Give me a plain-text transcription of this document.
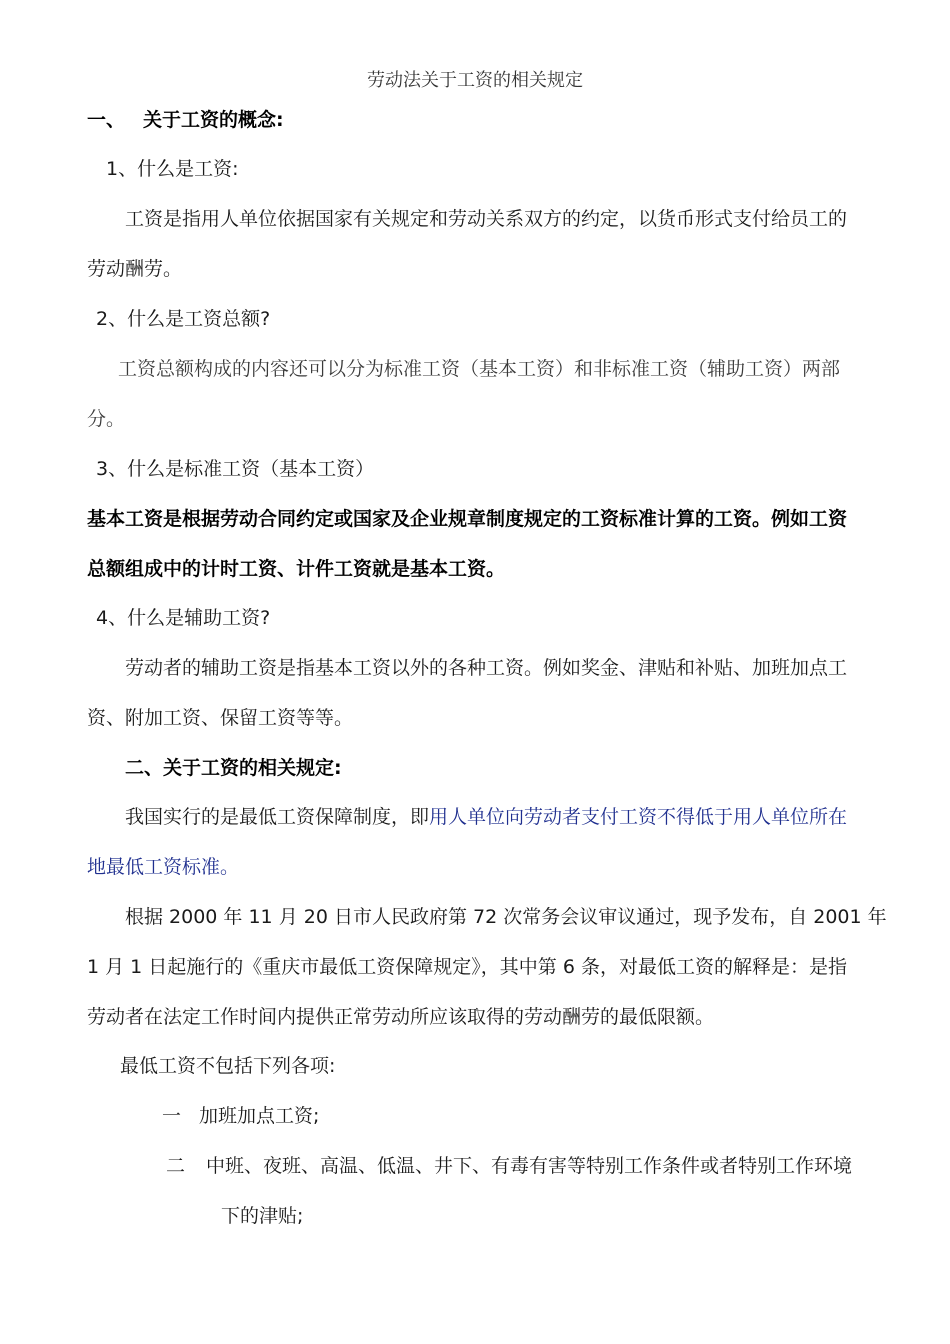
劳动法关于工资的相关规定
一、 关于工资的概念:
1、什么是工资:
工资是指用人单位依据国家有关规定和劳动关系双方的约定，以货币形式支付给员工的
劳动酬劳。
2、什么是工资总额?
工资总额构成的内容还可以分为标准工资（基本工资）和非标准工资（辅助工资）两部
分。
3、什么是标准工资（基本工资）
基本工资是根据劳动合同约定或国家及企业规章制度规定的工资标准计算的工资。例如工资
总额组成中的计时工资、计件工资就是基本工资。
4、什么是辅助工资?
劳动者的辅助工资是指基本工资以外的各种工资。例如奖金、津贴和补贴、加班加点工
资、附加工资、保留工资等等。
二、关于工资的相关规定:
我国实行的是最低工资保障制度，即用人单位向劳动者支付工资不得低于用人单位所在
地最低工资标准。
根据 2000 年 11 月 20 日市人民政府第 72 次常务会议审议通过，现予发布，自 2001 年
1 月 1 日起施行的《重庆市最低工资保障规定》，其中第 6 条，对最低工资的解释是：是指
劳动者在法定工作时间内提供正常劳动所应该取得的劳动酬劳的最低限额。
最低工资不包括下列各项:
一 加班加点工资;
二 中班、夜班、高温、低温、井下、有毒有害等特别工作条件或者特别工作环境
下的津贴;
